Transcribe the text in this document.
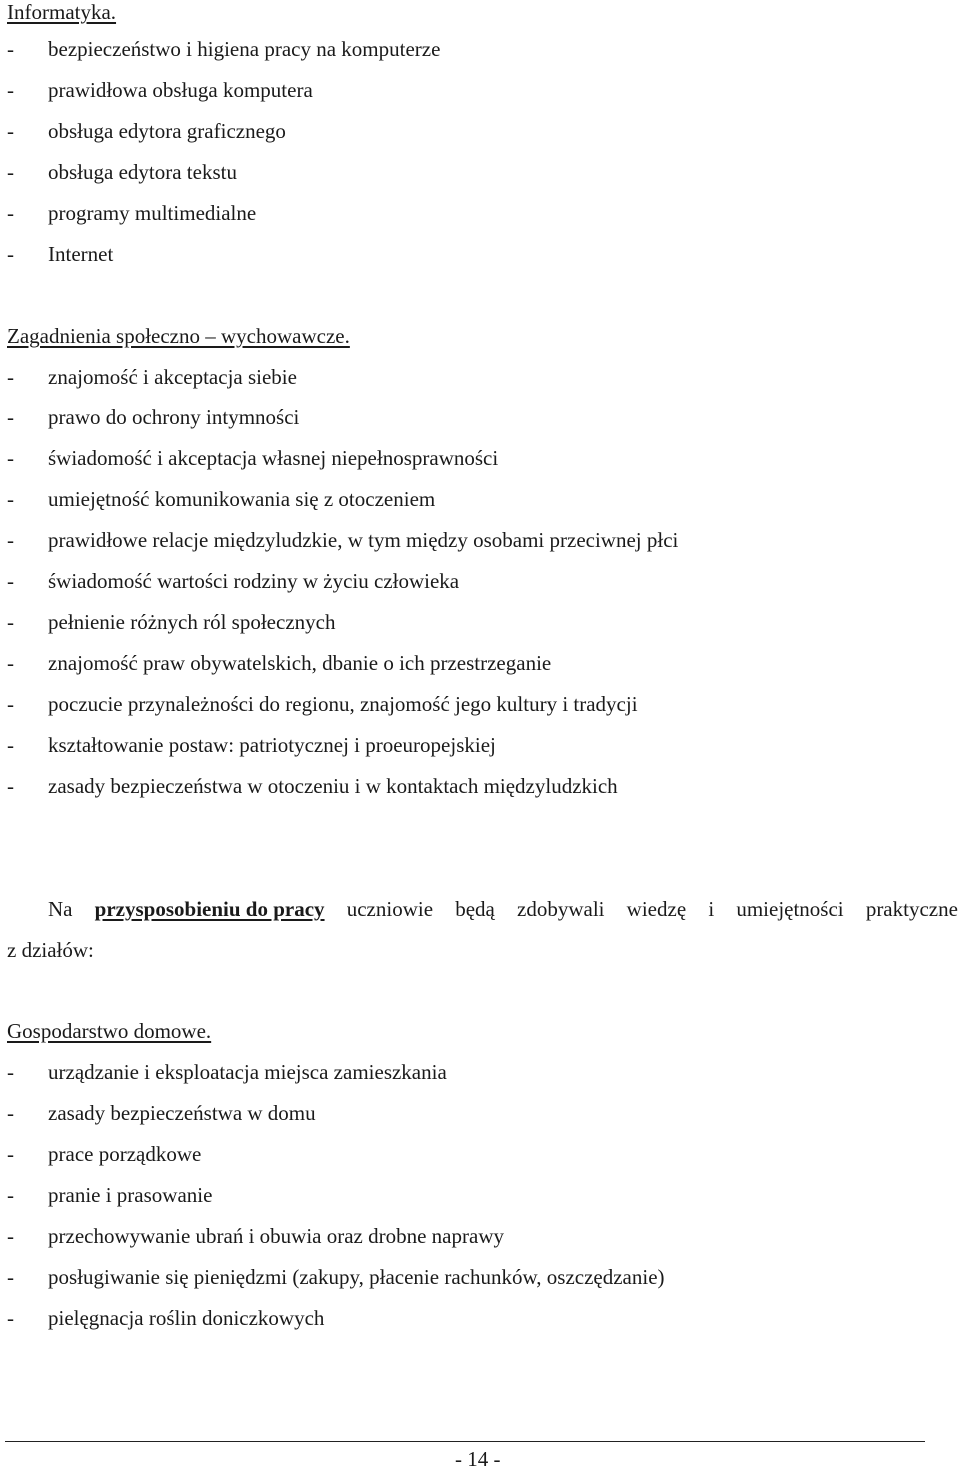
Informatyka.
- bezpieczeństwo i higiena pracy na komputerze
- prawidłowa obsługa komputera
- obsługa edytora graficznego
- obsługa edytora tekstu
- programy multimedialne
- Internet
Zagadnienia społeczno – wychowawcze.
- znajomość i akceptacja siebie
- prawo do ochrony intymności
- świadomość i akceptacja własnej niepełnosprawności
- umiejętność komunikowania się z otoczeniem
- prawidłowe relacje międzyludzkie, w tym między osobami przeciwnej płci
- świadomość wartości rodziny w życiu człowieka
- pełnienie różnych ról społecznych
- znajomość praw obywatelskich, dbanie o ich przestrzeganie
- poczucie przynależności do regionu, znajomość jego kultury i tradycji
- kształtowanie postaw: patriotycznej i proeuropejskiej
- zasady bezpieczeństwa w otoczeniu i w kontaktach międzyludzkich
Na przysposobieniu do pracy uczniowie będą zdobywali wiedzę i umiejętności praktyczne
z działów:
Gospodarstwo domowe.
- urządzanie i eksploatacja miejsca zamieszkania
- zasady bezpieczeństwa w domu
- prace porządkowe
- pranie i prasowanie
- przechowywanie ubrań i obuwia oraz drobne naprawy
- posługiwanie się pieniędzmi (zakupy, płacenie rachunków, oszczędzanie)
- pielęgnacja roślin doniczkowych
- 14 -
